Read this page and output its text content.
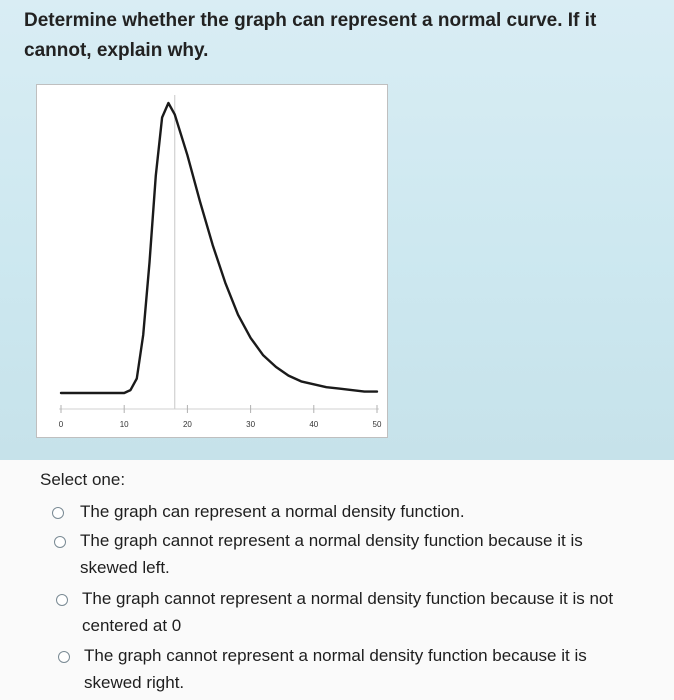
Determine whether the graph can represent a normal curve. If it cannot, explain why.
0	10	20	30	40	50
Select one:
The graph can represent a normal density function.
The graph cannot represent a normal density function because it is skewed left.
The graph cannot represent a normal density function because it is not centered at 0
The graph cannot represent a normal density function because it is skewed right.
